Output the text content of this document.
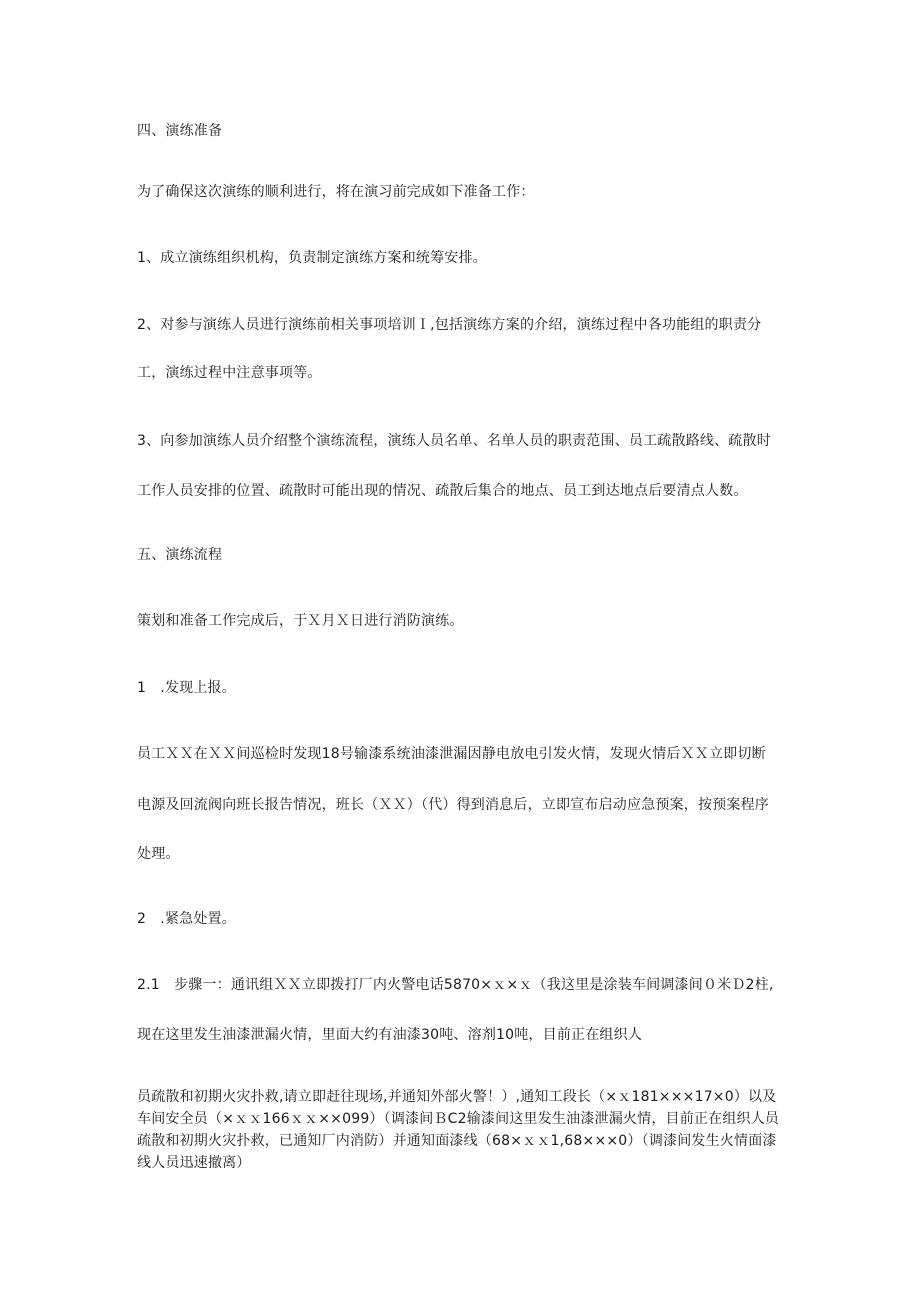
四、演练准备
为了确保这次演练的顺利进行，将在演习前完成如下准备工作：
1、成立演练组织机构，负责制定演练方案和统筹安排。
2、对参与演练人员进行演练前相关事项培训Ｉ,包括演练方案的介绍，演练过程中各功能组的职责分
工，演练过程中注意事项等。
3、向参加演练人员介绍整个演练流程，演练人员名单、名单人员的职责范围、员工疏散路线、疏散时
工作人员安排的位置、疏散时可能出现的情况、疏散后集合的地点、员工到达地点后要清点人数。
五、演练流程
策划和准备工作完成后，于Ｘ月Ｘ日进行消防演练。
1　.发现上报。
员工ＸＸ在ＸＸ间巡检时发现18号输漆系统油漆泄漏因静电放电引发火情，发现火情后ＸＸ立即切断
电源及回流阀向班长报告情况，班长（ＸＸ）（代）得到消息后，立即宣布启动应急预案，按预案程序
处理。
2　.紧急处置。
2.1　步骤一：通讯组ＸＸ立即拨打厂内火警电话5870×ｘ×ｘ（我这里是涂装车间调漆间０米Ｄ2柱,
现在这里发生油漆泄漏火情，里面大约有油漆30吨、溶剂10吨，目前正在组织人
员疏散和初期火灾扑救,请立即赶往现场,并通知外部火警！）,通知工段长（×ｘ181×××17×0）以及车间安全员（×ｘｘ166ｘｘ××099）（调漆间ＢC2输漆间这里发生油漆泄漏火情，目前正在组织人员疏散和初期火灾扑救，已通知厂内消防）并通知面漆线（68×ｘｘ1,68×××0）（调漆间发生火情面漆线人员迅速撤离）
